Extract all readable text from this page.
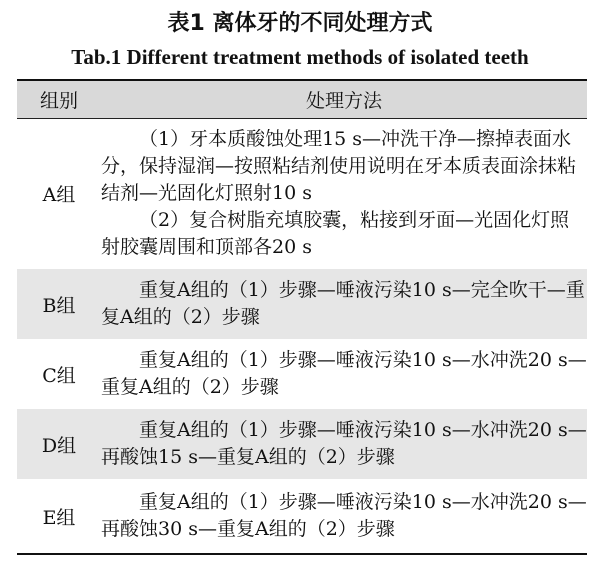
表1 离体牙的不同处理方式
Tab.1 Different treatment methods of isolated teeth
组别	处理方法
A组	（1）牙本质酸蚀处理15 s—冲洗干净—擦掉表面水分，保持湿润—按照粘结剂使用说明在牙本质表面涂抹粘结剂—光固化灯照射10 s
（2）复合树脂充填胶囊，粘接到牙面—光固化灯照射胶囊周围和顶部各20 s

B组	重复A组的（1）步骤—唾液污染10 s—完全吹干—重复A组的（2）步骤

C组	重复A组的（1）步骤—唾液污染10 s—水冲洗20 s—重复A组的（2）步骤

D组	重复A组的（1）步骤—唾液污染10 s—水冲洗20 s—再酸蚀15 s—重复A组的（2）步骤

E组	重复A组的（1）步骤—唾液污染10 s—水冲洗20 s—再酸蚀30 s—重复A组的（2）步骤
